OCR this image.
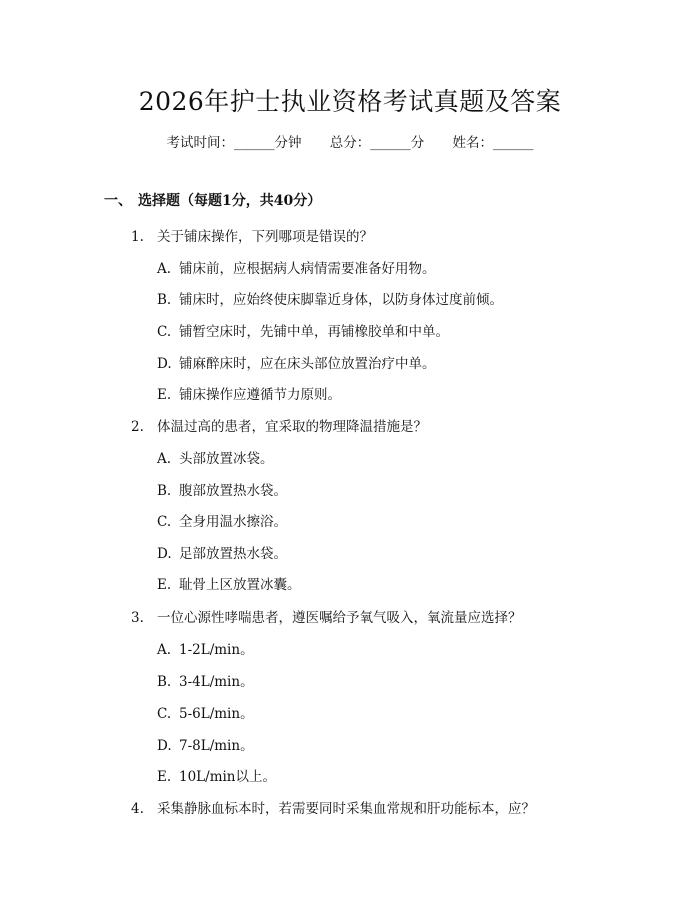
2026年护士执业资格考试真题及答案
考试时间：______分钟 总分：______分 姓名：______
一、 选择题（每题1分，共40分）
1. 关于铺床操作，下列哪项是错误的？
A. 铺床前，应根据病人病情需要准备好用物。
B. 铺床时，应始终使床脚靠近身体，以防身体过度前倾。
C. 铺暂空床时，先铺中单，再铺橡胶单和中单。
D. 铺麻醉床时，应在床头部位放置治疗中单。
E. 铺床操作应遵循节力原则。
2. 体温过高的患者，宜采取的物理降温措施是？
A. 头部放置冰袋。
B. 腹部放置热水袋。
C. 全身用温水擦浴。
D. 足部放置热水袋。
E. 耻骨上区放置冰囊。
3. 一位心源性哮喘患者，遵医嘱给予氧气吸入，氧流量应选择？
A. 1-2L/min。
B. 3-4L/min。
C. 5-6L/min。
D. 7-8L/min。
E. 10L/min以上。
4. 采集静脉血标本时，若需要同时采集血常规和肝功能标本，应？
